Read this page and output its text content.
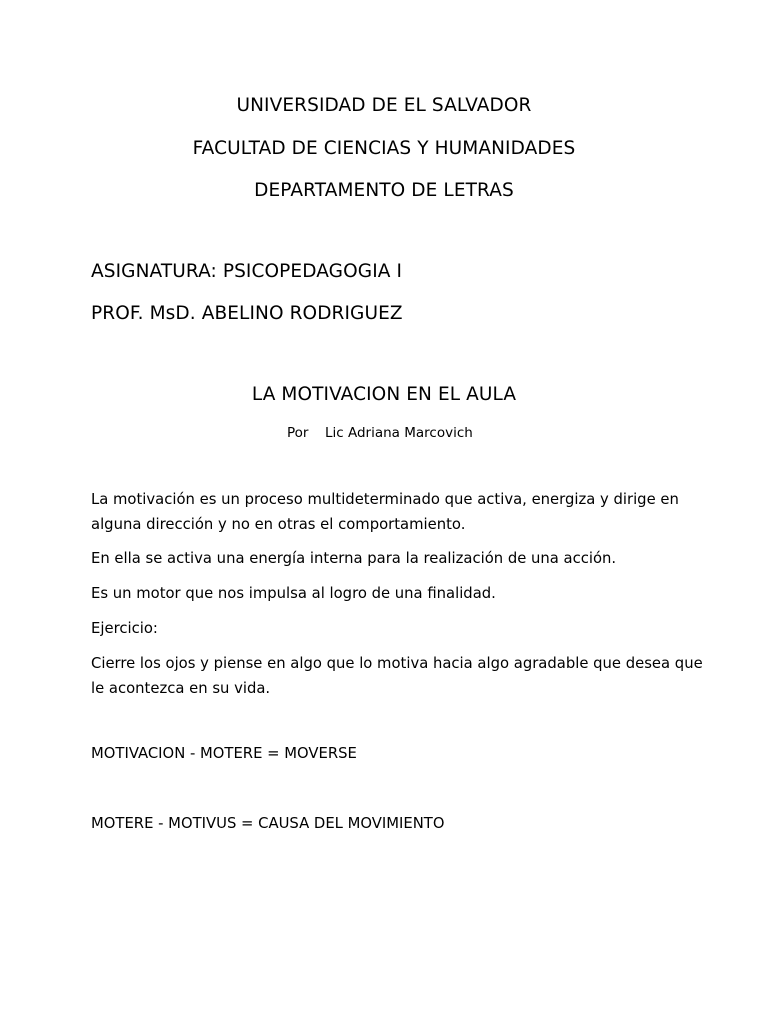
UNIVERSIDAD DE EL SALVADOR
FACULTAD DE CIENCIAS Y HUMANIDADES
DEPARTAMENTO DE LETRAS
ASIGNATURA: PSICOPEDAGOGIA I
PROF. MsD. ABELINO RODRIGUEZ
LA MOTIVACION EN EL AULA
Por Lic Adriana Marcovich
La motivación es un proceso multideterminado que activa, energiza y dirige en
alguna dirección y no en otras el comportamiento.
En ella se activa una energía interna para la realización de una acción.
Es un motor que nos impulsa al logro de una finalidad.
Ejercicio:
Cierre los ojos y piense en algo que lo motiva hacia algo agradable que desea que
le acontezca en su vida.
MOTIVACION - MOTERE = MOVERSE
MOTERE - MOTIVUS = CAUSA DEL MOVIMIENTO
